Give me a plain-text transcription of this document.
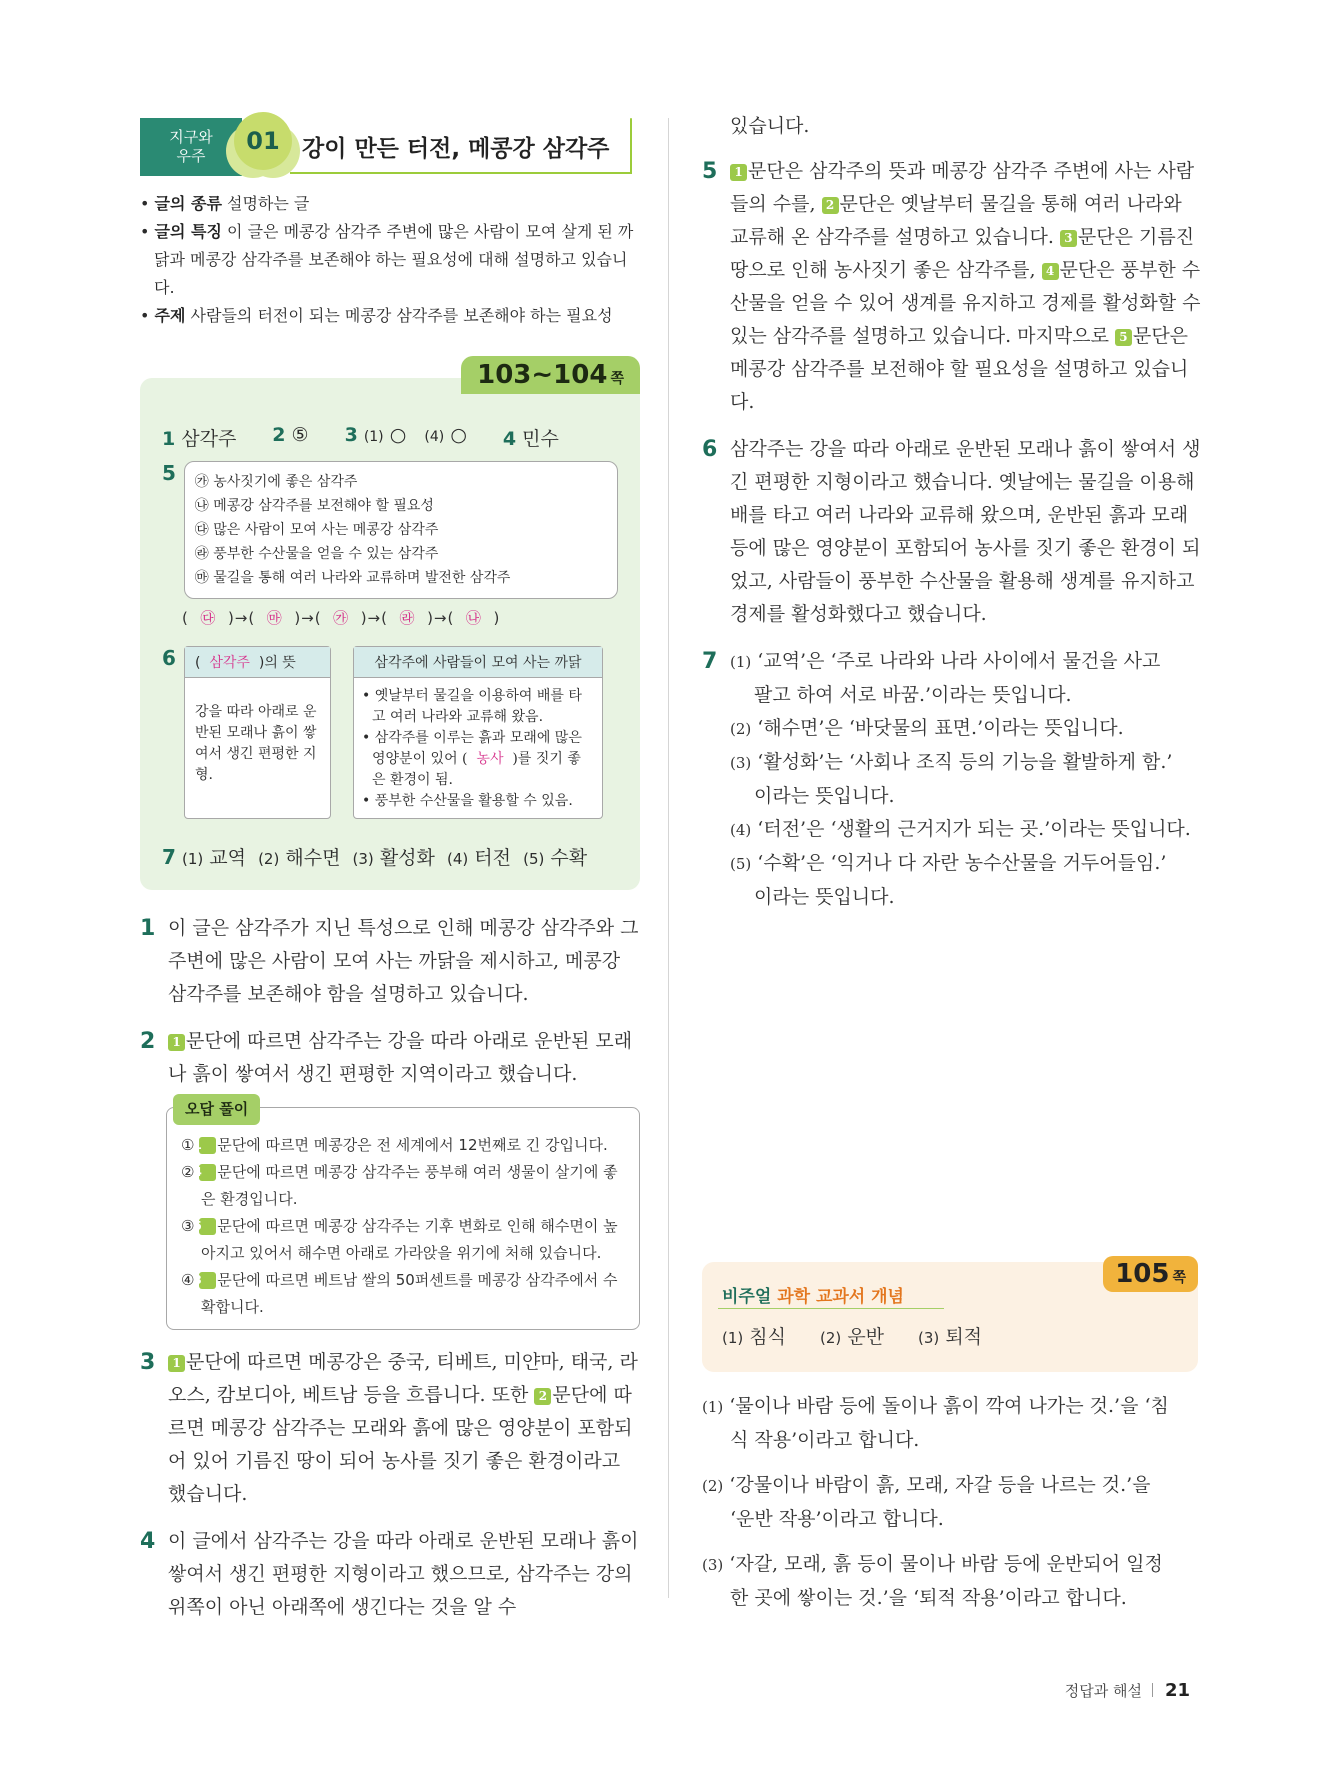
지구와
우주
01 강이 만든 터전, 메콩강 삼각주
• 글의 종류 설명하는 글
• 글의 특징 이 글은 메콩강 삼각주 주변에 많은 사람이 모여 살게 된 까닭과 메콩강 삼각주를 보존해야 하는 필요성에 대해 설명하고 있습니다.
• 주제 사람들의 터전이 되는 메콩강 삼각주를 보존해야 하는 필요성
103~104 쪽
1 삼각주 2 ⑤ 3 (1) ○ (4) ○ 4 민수
5	㉮ 농사짓기에 좋은 삼각주
㉯ 메콩강 삼각주를 보전해야 할 필요성
㉰ 많은 사람이 모여 사는 메콩강 삼각주
㉱ 풍부한 수산물을 얻을 수 있는 삼각주
㉲ 물길을 통해 여러 나라와 교류하며 발전한 삼각주
(  ㉰  )→(  ㉲  )→(  ㉮  )→(  ㉱  )→(  ㉯  )
6	(  삼각주 )의 뜻
강을 따라 아래로 운반된 모래나 흙이 쌓여서 생긴 편평한 지형.
삼각주에 사람들이 모여 사는 까닭
• 옛날부터 물길을 이용하여 배를 타고 여러 나라와 교류해 왔음.
• 삼각주를 이루는 흙과 모래에 많은 영양분이 있어 ( 농사 )를 짓기 좋은 환경이 됨.
• 풍부한 수산물을 활용할 수 있음.
7 (1) 교역 (2) 해수면 (3) 활성화 (4) 터전 (5) 수확
1 이 글은 삼각주가 지닌 특성으로 인해 메콩강 삼각주와 그 주변에 많은 사람이 모여 사는 까닭을 제시하고, 메콩강 삼각주를 보존해야 함을 설명하고 있습니다.
2	1 문단에 따르면 삼각주는 강을 따라 아래로 운반된 모래나 흙이 쌓여서 생긴 편평한 지역이라고 했습니다.
오답 풀이
① 1 문단에 따르면 메콩강은 전 세계에서 12번째로 긴 강입니다.
② 4 문단에 따르면 메콩강 삼각주는 풍부해 여러 생물이 살기에 좋은 환경입니다.
③ 5 문단에 따르면 메콩강 삼각주는 기후 변화로 인해 해수면이 높아지고 있어서 해수면 아래로 가라앉을 위기에 처해 있습니다.
④ 3 문단에 따르면 베트남 쌀의 50퍼센트를 메콩강 삼각주에서 수확합니다.
3	1 문단에 따르면 메콩강은 중국, 티베트, 미얀마, 태국, 라오스, 캄보디아, 베트남 등을 흐릅니다. 또한 2 문단에 따르면 메콩강 삼각주는 모래와 흙에 많은 영양분이 포함되어 있어 기름진 땅이 되어 농사를 짓기 좋은 환경이라고 했습니다.
4 이 글에서 삼각주는 강을 따라 아래로 운반된 모래나 흙이 쌓여서 생긴 편평한 지형이라고 했으므로, 삼각주는 강의 위쪽이 아닌 아래쪽에 생긴다는 것을 알 수
있습니다.
5	1 문단은 삼각주의 뜻과 메콩강 삼각주 주변에 사는 사람들의 수를, 2 문단은 옛날부터 물길을 통해 여러 나라와 교류해 온 삼각주를 설명하고 있습니다. 3 문단은 기름진 땅으로 인해 농사짓기 좋은 삼각주를, 4 문단은 풍부한 수산물을 얻을 수 있어 생계를 유지하고 경제를 활성화할 수 있는 삼각주를 설명하고 있습니다. 마지막으로 5 문단은 메콩강 삼각주를 보전해야 할 필요성을 설명하고 있습니다.
6 삼각주는 강을 따라 아래로 운반된 모래나 흙이 쌓여서 생긴 편평한 지형이라고 했습니다. 옛날에는 물길을 이용해 배를 타고 여러 나라와 교류해 왔으며, 운반된 흙과 모래 등에 많은 영양분이 포함되어 농사를 짓기 좋은 환경이 되었고, 사람들이 풍부한 수산물을 활용해 생계를 유지하고 경제를 활성화했다고 했습니다.
7 (1) ‘교역’은 ‘주로 나라와 나라 사이에서 물건을 사고
팔고 하여 서로 바꿈.’이라는 뜻입니다.
(2) ‘해수면’은 ‘바닷물의 표면.’이라는 뜻입니다.
(3) ‘활성화’는 ‘사회나 조직 등의 기능을 활발하게 함.’
이라는 뜻입니다.
(4) ‘터전’은 ‘생활의 근거지가 되는 곳.’이라는 뜻입니다.
(5) ‘수확’은 ‘익거나 다 자란 농수산물을 거두어들임.’
이라는 뜻입니다.
비주얼 과학 교과서 개념
105 쪽
(1) 침식 (2) 운반 (3) 퇴적
(1) ‘물이나 바람 등에 돌이나 흙이 깍여 나가는 것.’을 ‘침
식 작용’이라고 합니다.
(2) ‘강물이나 바람이 흙, 모래, 자갈 등을 나르는 것.’을
‘운반 작용’이라고 합니다.
(3) ‘자갈, 모래, 흙 등이 물이나 바람 등에 운반되어 일정
한 곳에 쌓이는 것.’을 ‘퇴적 작용’이라고 합니다.
정답과 해설 21
